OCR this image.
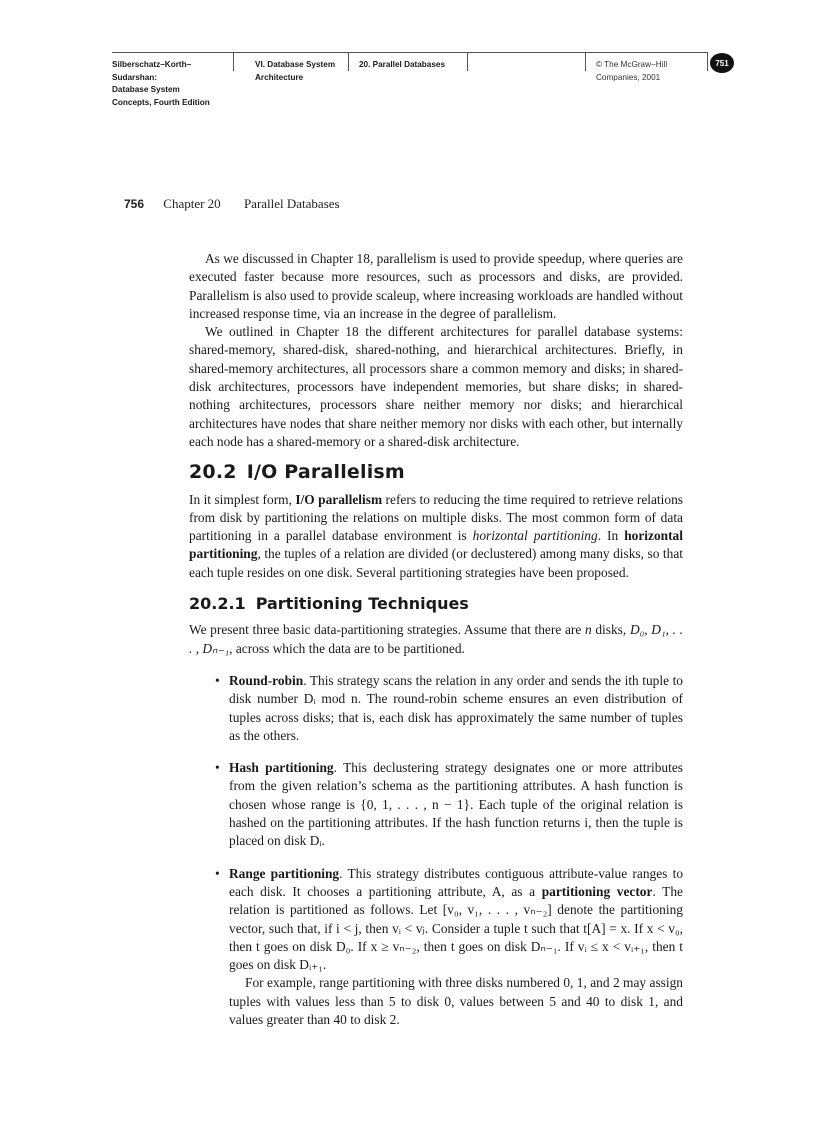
Silberschatz–Korth–Sudarshan:
Database System
Concepts, Fourth Edition
VI. Database System
Architecture
20. Parallel Databases	© The McGraw−Hill
Companies, 2001
751
756 Chapter 20 Parallel Databases

As we discussed in Chapter 18, parallelism is used to provide speedup, where queries are executed faster because more resources, such as processors and disks, are provided. Parallelism is also used to provide scaleup, where increasing workloads are handled without increased response time, via an increase in the degree of parallelism.

We outlined in Chapter 18 the different architectures for parallel database systems: shared-memory, shared-disk, shared-nothing, and hierarchical architectures. Briefly, in shared-memory architectures, all processors share a common memory and disks; in shared-disk architectures, processors have independent memories, but share disks; in shared-nothing architectures, processors share neither memory nor disks; and hierarchical architectures have nodes that share neither memory nor disks with each other, but internally each node has a shared-memory or a shared-disk architecture.

20.2 I/O Parallelism

In it simplest form, I/O parallelism refers to reducing the time required to retrieve relations from disk by partitioning the relations on multiple disks. The most common form of data partitioning in a parallel database environment is horizontal partitioning. In horizontal partitioning, the tuples of a relation are divided (or declustered) among many disks, so that each tuple resides on one disk. Several partitioning strategies have been proposed.

20.2.1 Partitioning Techniques

We present three basic data-partitioning strategies. Assume that there are n disks, D₀, D₁, . . . , Dₙ₋₁, across which the data are to be partitioned.

• Round-robin. This strategy scans the relation in any order and sends the ith tuple to disk number Dᵢ mod n. The round-robin scheme ensures an even distribution of tuples across disks; that is, each disk has approximately the same number of tuples as the others.
• Hash partitioning. This declustering strategy designates one or more attributes from the given relation’s schema as the partitioning attributes. A hash function is chosen whose range is {0, 1, . . . , n − 1}. Each tuple of the original relation is hashed on the partitioning attributes. If the hash function returns i, then the tuple is placed on disk Dᵢ.
• Range partitioning. This strategy distributes contiguous attribute-value ranges to each disk. It chooses a partitioning attribute, A, as a partitioning vector. The relation is partitioned as follows. Let [v₀, v₁, . . . , vₙ₋₂] denote the partitioning vector, such that, if i < j, then vᵢ < vⱼ. Consider a tuple t such that t[A] = x. If x < v₀, then t goes on disk D₀. If x ≥ vₙ₋₂, then t goes on disk Dₙ₋₁. If vᵢ ≤ x < vᵢ₊₁, then t goes on disk Dᵢ₊₁.
For example, range partitioning with three disks numbered 0, 1, and 2 may assign tuples with values less than 5 to disk 0, values between 5 and 40 to disk 1, and values greater than 40 to disk 2.
